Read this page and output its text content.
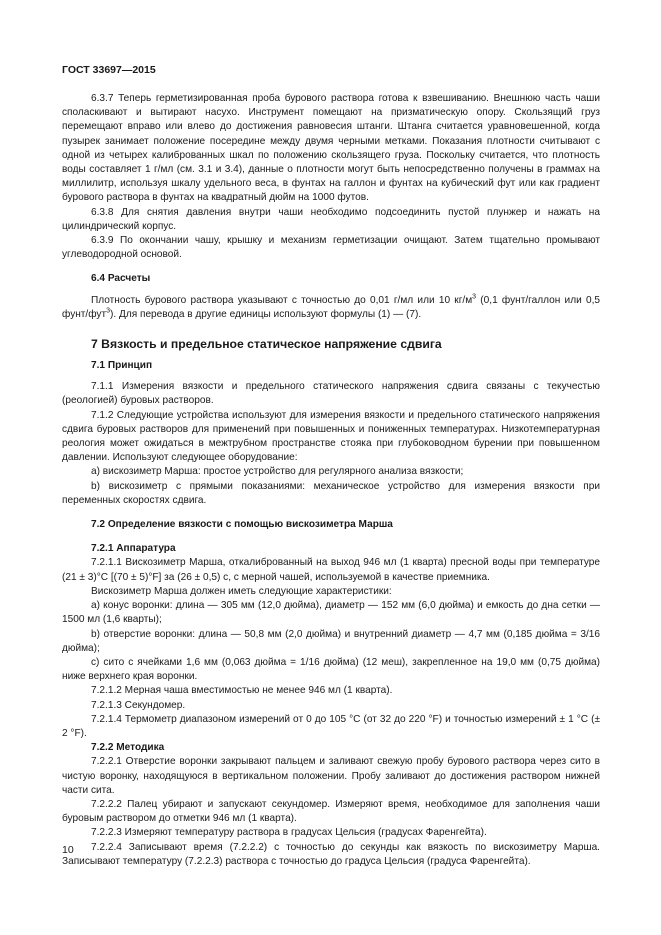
ГОСТ 33697—2015

6.3.7 Теперь герметизированная проба бурового раствора готова к взвешиванию. Внешнюю часть чаши споласкивают и вытирают насухо. Инструмент помещают на призматическую опору. Скользящий груз перемещают вправо или влево до достижения равновесия штанги. Штанга считается уравновешенной, когда пузырек занимает положение посередине между двумя черными метками. Показания плотности считывают с одной из четырех калиброванных шкал по положению скользящего груза. Поскольку считается, что плотность воды составляет 1 г/мл (см. 3.1 и 3.4), данные о плотности могут быть непосредственно получены в граммах на миллилитр, используя шкалу удельного веса, в фунтах на галлон и фунтах на кубический фут или как градиент бурового раствора в фунтах на квадратный дюйм на 1000 футов.

6.3.8 Для снятия давления внутри чаши необходимо подсоединить пустой плунжер и нажать на цилиндрический корпус.

6.3.9 По окончании чашу, крышку и механизм герметизации очищают. Затем тщательно промывают углеводородной основой.

6.4 Расчеты

Плотность бурового раствора указывают с точностью до 0,01 г/мл или 10 $кг/м^3$ (0,1 фунт/галлон или 0,5 фунт/фут$^3$). Для перевода в другие единицы используют формулы (1) — (7).

7 Вязкость и предельное статическое напряжение сдвига
7.1 Принцип

7.1.1 Измерения вязкости и предельного статического напряжения сдвига связаны с текучестью (реологией) буровых растворов.

7.1.2 Следующие устройства используют для измерения вязкости и предельного статического напряжения сдвига буровых растворов для применений при повышенных и пониженных температурах. Низкотемпературная реология может ожидаться в межтрубном пространстве стояка при глубоководном бурении при повышенном давлении. Используют следующее оборудование:

a) вискозиметр Марша: простое устройство для регулярного анализа вязкости;

b) вискозиметр с прямыми показаниями: механическое устройство для измерения вязкости при переменных скоростях сдвига.

7.2 Определение вязкости с помощью вискозиметра Марша
7.2.1 Аппаратура

7.2.1.1 Вискозиметр Марша, откалиброванный на выход 946 мл (1 кварта) пресной воды при температуре (21 ± 3)°С [(70 ± 5)°F] за (26 ± 0,5) с, с мерной чашей, используемой в качестве приемника.

Вискозиметр Марша должен иметь следующие характеристики:

a) конус воронки: длина — 305 мм (12,0 дюйма), диаметр — 152 мм (6,0 дюйма) и емкость до дна сетки — 1500 мл (1,6 кварты);

b) отверстие воронки: длина — 50,8 мм (2,0 дюйма) и внутренний диаметр — 4,7 мм (0,185 дюйма = 3/16 дюйма);

c) сито с ячейками 1,6 мм (0,063 дюйма = 1/16 дюйма) (12 меш), закрепленное на 19,0 мм (0,75 дюйма) ниже верхнего края воронки.

7.2.1.2 Мерная чаша вместимостью не менее 946 мл (1 кварта).

7.2.1.3 Секундомер.

7.2.1.4 Термометр диапазоном измерений от 0 до 105 °С (от 32 до 220 °F) и точностью измерений ± 1 °С (± 2 °F).

7.2.2 Методика

7.2.2.1 Отверстие воронки закрывают пальцем и заливают свежую пробу бурового раствора через сито в чистую воронку, находящуюся в вертикальном положении. Пробу заливают до достижения раствором нижней части сита.

7.2.2.2 Палец убирают и запускают секундомер. Измеряют время, необходимое для заполнения чаши буровым раствором до отметки 946 мл (1 кварта).

7.2.2.3 Измеряют температуру раствора в градусах Цельсия (градусах Фаренгейта).

7.2.2.4 Записывают время (7.2.2.2) с точностью до секунды как вязкость по вискозиметру Марша. Записывают температуру (7.2.2.3) раствора с точностью до градуса Цельсия (градуса Фаренгейта).

10
